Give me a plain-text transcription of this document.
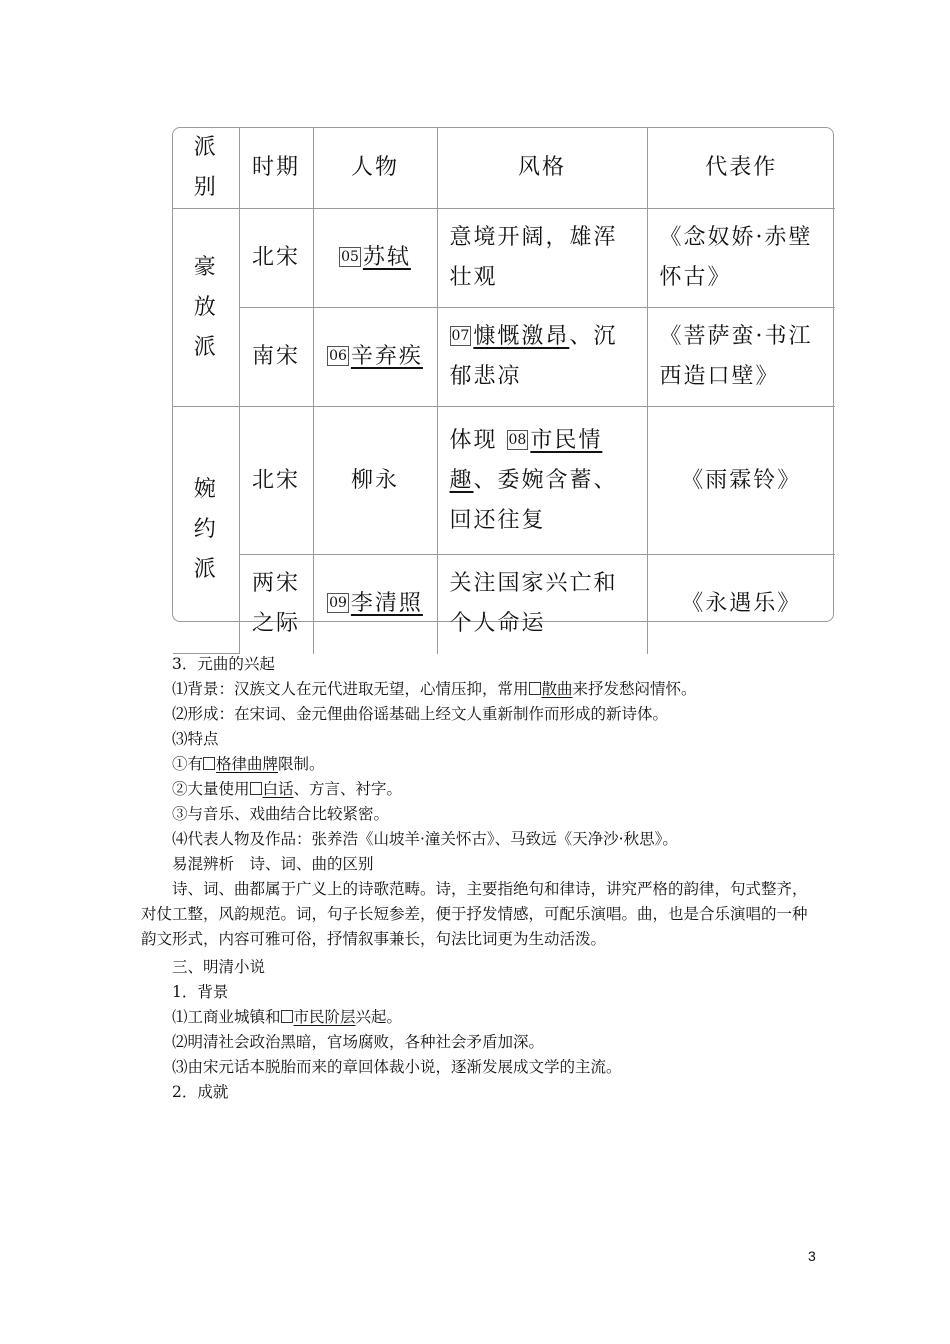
派别	时期	人物	风格	代表作
豪放派	北宋	05 苏轼	意境开阔，雄浑壮观	《念奴娇·赤壁怀古》
	南宋	06 辛弃疾	07 慷慨激昂、沉郁悲凉	《菩萨蛮·书江西造口壁》
婉约派	北宋	柳永	体现 08 市民情趣、委婉含蓄、回还往复	《雨霖铃》
	两宋之际	09 李清照	关注国家兴亡和个人命运	《永遇乐》

3．元曲的兴起

⑴背景：汉族文人在元代进取无望，心情压抑，常用 散曲来抒发愁闷情怀。

⑵形成：在宋词、金元俚曲俗谣基础上经文人重新制作而形成的新诗体。

⑶特点

①有 格律曲牌限制。

②大量使用 白话、方言、衬字。

③与音乐、戏曲结合比较紧密。

⑷代表人物及作品：张养浩《山坡羊·潼关怀古》、马致远《天净沙·秋思》。

易混辨析　诗、词、曲的区别

诗、词、曲都属于广义上的诗歌范畴。诗，主要指绝句和律诗，讲究严格的韵律，句式整齐，

对仗工整，风韵规范。词，句子长短参差，便于抒发情感，可配乐演唱。曲，也是合乐演唱的一种

韵文形式，内容可雅可俗，抒情叙事兼长，句法比词更为生动活泼。

三、明清小说

1．背景

⑴工商业城镇和 市民阶层兴起。

⑵明清社会政治黑暗，官场腐败，各种社会矛盾加深。

⑶由宋元话本脱胎而来的章回体裁小说，逐渐发展成文学的主流。

2．成就

3
